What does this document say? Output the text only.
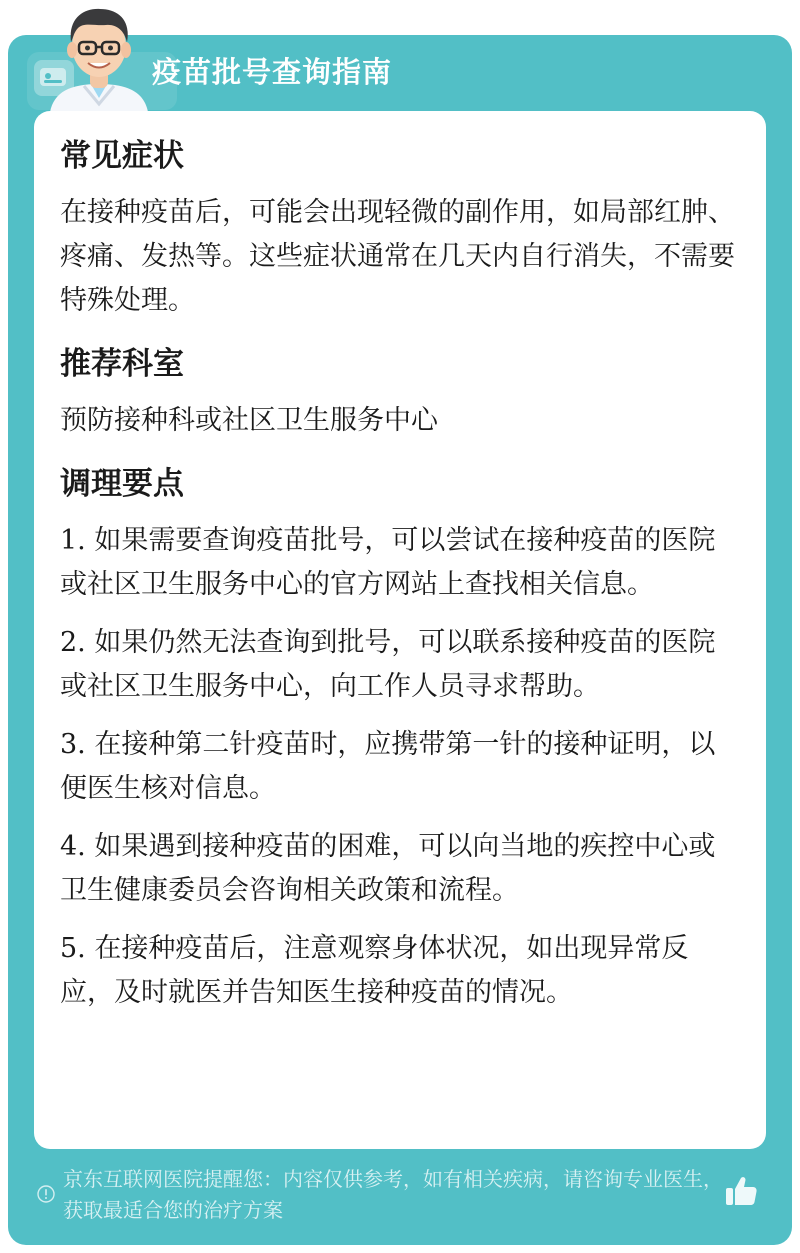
疫苗批号查询指南
常见症状

在接种疫苗后，可能会出现轻微的副作用，如局部红肿、疼痛、发热等。这些症状通常在几天内自行消失，不需要特殊处理。

推荐科室

预防接种科或社区卫生服务中心

调理要点

1. 如果需要查询疫苗批号，可以尝试在接种疫苗的医院或社区卫生服务中心的官方网站上查找相关信息。

2. 如果仍然无法查询到批号，可以联系接种疫苗的医院或社区卫生服务中心，向工作人员寻求帮助。

3. 在接种第二针疫苗时，应携带第一针的接种证明，以便医生核对信息。

4. 如果遇到接种疫苗的困难，可以向当地的疾控中心或卫生健康委员会咨询相关政策和流程。

5. 在接种疫苗后，注意观察身体状况，如出现异常反应，及时就医并告知医生接种疫苗的情况。

京东互联网医院提醒您：内容仅供参考，如有相关疾病，请咨询专业医生，获取最适合您的治疗方案
